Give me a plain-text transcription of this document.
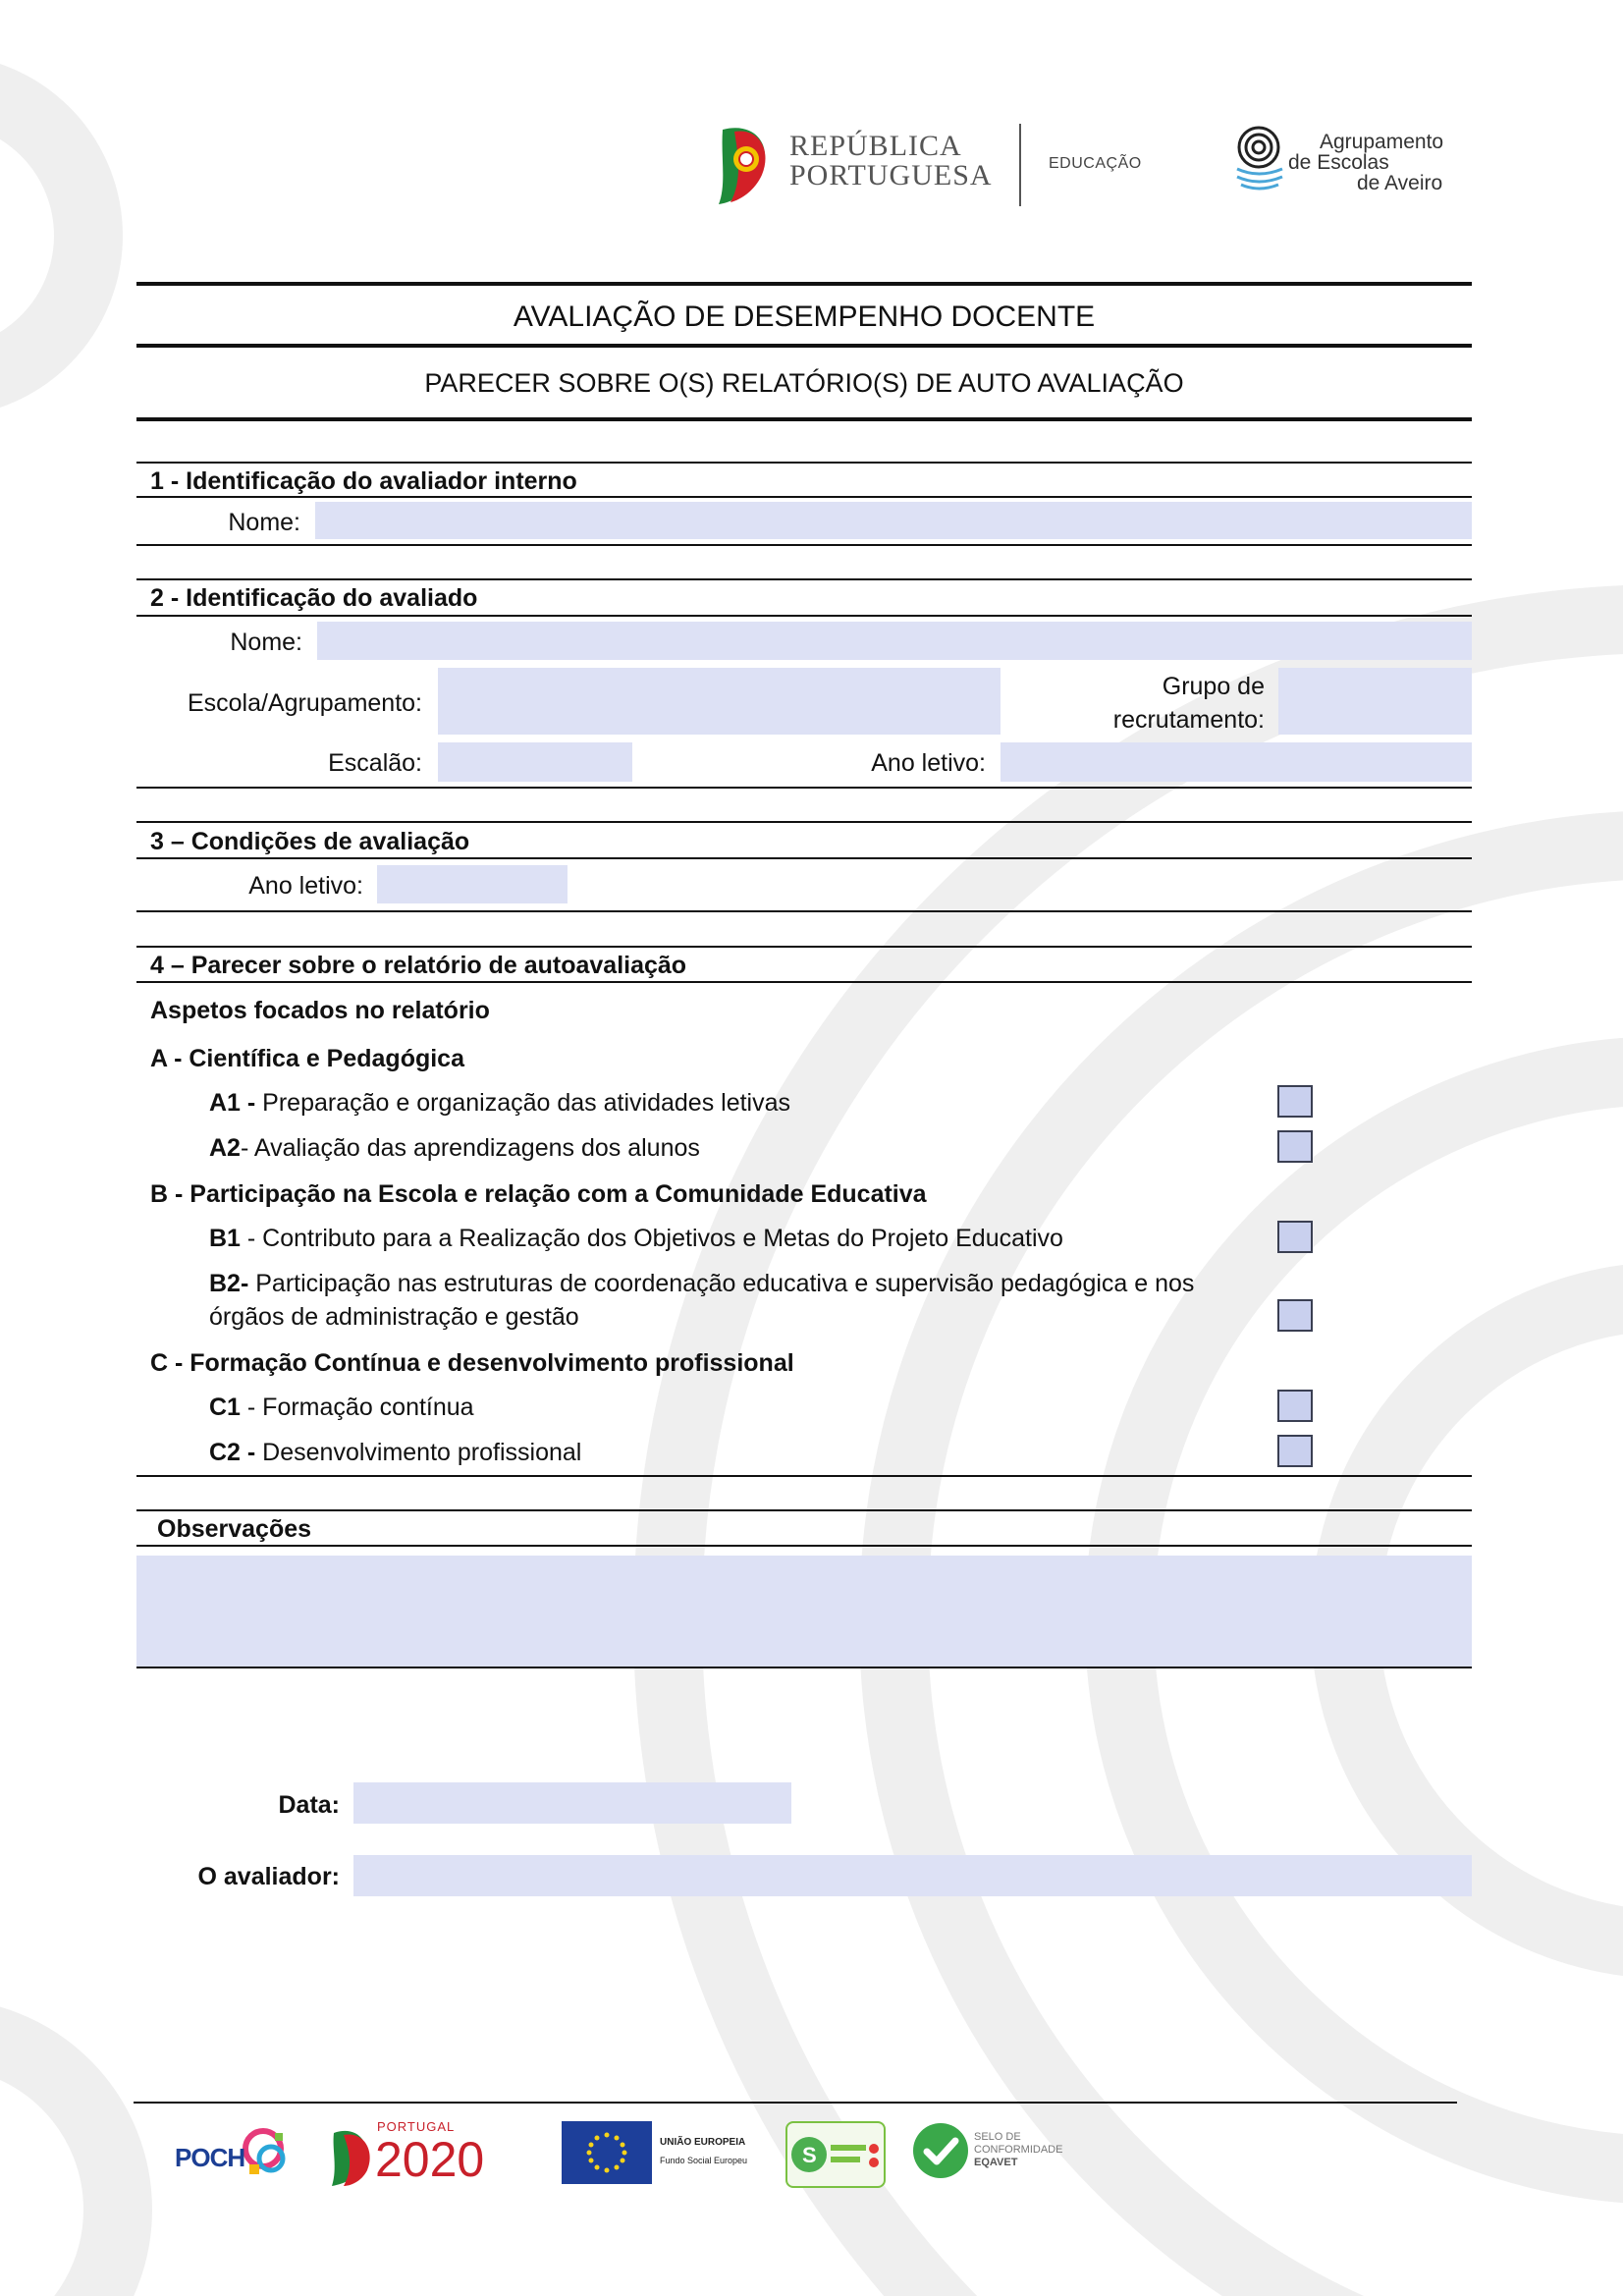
REPÚBLICA
PORTUGUESA	EDUCAÇÃO
Agrupamento
de Escolas
de Aveiro
AVALIAÇÃO DE DESEMPENHO DOCENTE
PARECER SOBRE O(S) RELATÓRIO(S) DE AUTO AVALIAÇÃO
1 - Identificação do avaliador interno
Nome:
2 - Identificação do avaliado
Nome:
Escola/Agrupamento:
Grupo de
recrutamento:
Escalão:	Ano letivo:
3 – Condições de avaliação
Ano letivo:
4 – Parecer sobre o relatório de autoavaliação
Aspetos focados no relatório
A - Científica e Pedagógica
A1 - Preparação e organização das atividades letivas
A2- Avaliação das aprendizagens dos alunos
B - Participação na Escola e relação com a Comunidade Educativa
B1 - Contributo para a Realização dos Objetivos e Metas do Projeto Educativo
B2- Participação nas estruturas de coordenação educativa e supervisão pedagógica e nos
órgãos de administração e gestão
C - Formação Contínua e desenvolvimento profissional
C1 - Formação contínua
C2 - Desenvolvimento profissional
Observações
Data:
O avaliador:
POCH
PORTUGAL
2020	UNIÃO EUROPEIA
Fundo Social Europeu	S
SELO DE
CONFORMIDADE
EQAVET
